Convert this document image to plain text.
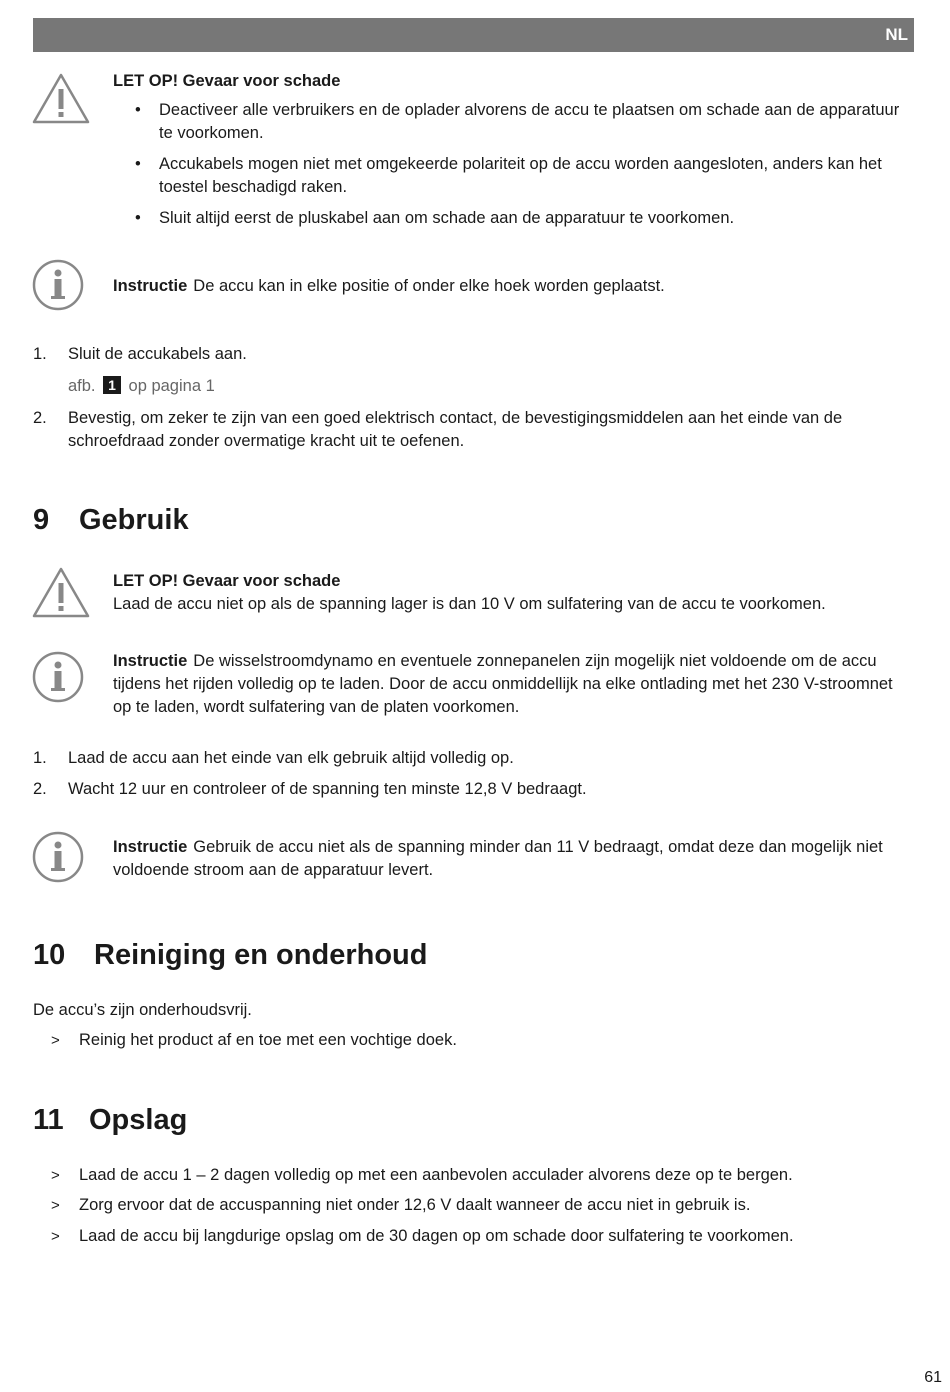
NL
LET OP! Gevaar voor schade
• Deactiveer alle verbruikers en de oplader alvorens de accu te plaatsen om schade aan de apparatuur te voorkomen.
• Accukabels mogen niet met omgekeerde polariteit op de accu worden aangesloten, anders kan het toestel beschadigd raken.
• Sluit altijd eerst de pluskabel aan om schade aan de apparatuur te voorkomen.
Instructie De accu kan in elke positie of onder elke hoek worden geplaatst.
1. Sluit de accukabels aan.
afb. 1 op pagina 1
2. Bevestig, om zeker te zijn van een goed elektrisch contact, de bevestigingsmiddelen aan het einde van de schroefdraad zonder overmatige kracht uit te oefenen.
9 Gebruik
LET OP! Gevaar voor schade
Laad de accu niet op als de spanning lager is dan 10 V om sulfatering van de accu te voorkomen.
Instructie De wisselstroomdynamo en eventuele zonnepanelen zijn mogelijk niet voldoende om de accu tijdens het rijden volledig op te laden. Door de accu onmiddellijk na elke ontlading met het 230 V-stroomnet op te laden, wordt sulfatering van de platen voorkomen.
1. Laad de accu aan het einde van elk gebruik altijd volledig op.
2. Wacht 12 uur en controleer of de spanning ten minste 12,8 V bedraagt.
Instructie Gebruik de accu niet als de spanning minder dan 11 V bedraagt, omdat deze dan mogelijk niet voldoende stroom aan de apparatuur levert.
10 Reiniging en onderhoud
De accu’s zijn onderhoudsvrij.
> Reinig het product af en toe met een vochtige doek.
11 Opslag
> Laad de accu 1 – 2 dagen volledig op met een aanbevolen acculader alvorens deze op te bergen.
> Zorg ervoor dat de accuspanning niet onder 12,6 V daalt wanneer de accu niet in gebruik is.
> Laad de accu bij langdurige opslag om de 30 dagen op om schade door sulfatering te voorkomen.
61
